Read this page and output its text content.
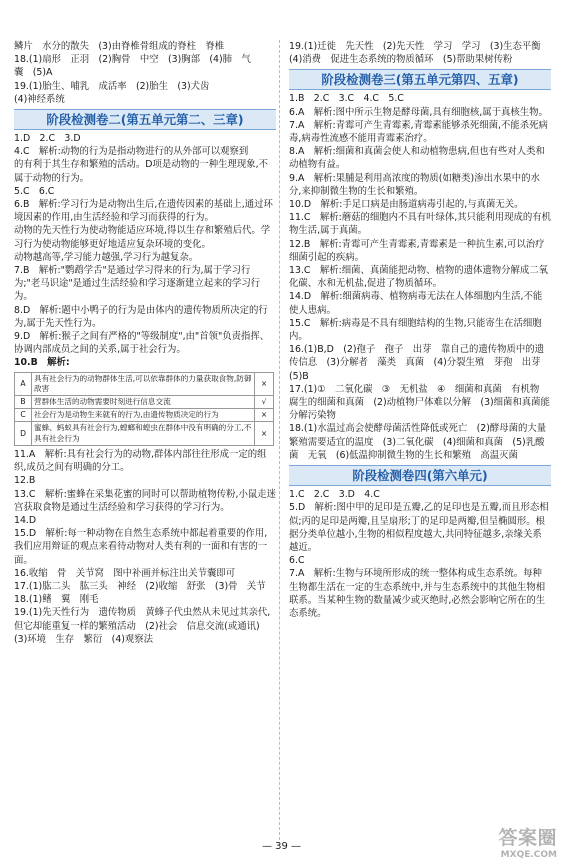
鳞片　水分的散失　(3)由脊椎骨组成的脊柱　脊椎

18.(1)扇形　正羽　(2)胸骨　中空　(3)胸部　(4)肺　气

囊　(5)A

19.(1)胎生、哺乳　成活率　(2)胎生　(3)犬齿

(4)神经系统

阶段检测卷二(第五单元第二、三章)

1.D　2.C　3.D

4.C　解析:动物的行为是指动物进行的从外部可以观察到

的有利于其生存和繁殖的活动。D项是动物的一种生理现象,不属于动物的行为。

5.C　6.C

6.B　解析:学习行为是动物出生后,在遗传因素的基础上,通过环境因素的作用,由生活经验和学习而获得的行为。

动物的先天性行为使动物能适应环境,得以生存和繁殖后代。学习行为使动物能够更好地适应复杂环境的变化。

动物越高等,学习能力越强,学习行为越复杂。

7.B　解析:"鹦鹉学舌"是通过学习得来的行为,属于学习行为;"老马识途"是通过生活经验和学习逐渐建立起来的学习行为。

8.D　解析:题中小鸭子的行为是由体内的遗传物质所决定的行为,属于先天性行为。

9.D　解析:猴子之间有严格的"等级制度",由"首领"负责指挥、协调内部成员之间的关系,属于社会行为。

10.B　解析:

A	具有社会行为的动物群体生活,可以依靠群体的力量获取食物,防御敌害	×
B	营群体生活的动物需要时刻进行信息交流	√
C	社会行为是动物生来就有的行为,由遗传物质决定的行为	×
D	蜜蜂、蚂蚁具有社会行为,螳螂和蝗虫在群体中没有明确的分工,不具有社会行为	×

11.A　解析:具有社会行为的动物,群体内部往往形成一定的组织,成员之间有明确的分工。

12.B

13.C　解析:蜜蜂在采集花蜜的同时可以帮助植物传粉,小鼠走迷宫获取食物是通过生活经验和学习获得的学习行为。

14.D

15.D　解析:每一种动物在自然生态系统中都起着重要的作用,我们应用辩证的观点来看待动物对人类有利的一面和有害的一面。

16.收缩　骨　关节窝　图中补画并标注出关节囊即可

17.(1)肱二头　肱三头　神经　(2)收缩　舒张　(3)骨　关节

18.(1)鳍　翼　刚毛

19.(1)先天性行为　遗传物质　黄蜂子代虫然从未见过其亲代,但它却能重复一样的繁殖活动　(2)社会　信息交流(或通讯)　(3)环境　生存　繁衍　(4)观察法

19.(1)迁徙　先天性　(2)先天性　学习　学习　(3)生态平衡　(4)消费　促进生态系统的物质循环　(5)帮助果树传粉

阶段检测卷三(第五单元第四、五章)

1.B　2.C　3.C　4.C　5.C

6.A　解析:图中所示生物是酵母菌,具有细胞核,属于真核生物。

7.A　解析:青霉可产生青霉素,青霉素能够杀死细菌,不能杀死病毒,病毒性流感不能用青霉素治疗。

8.A　解析:细菌和真菌会使人和动植物患病,但也有些对人类和动植物有益。

9.A　解析:果脯是利用高浓度的物质(如糖类)渗出水果中的水分,来抑制微生物的生长和繁殖。

10.D　解析:手足口病是由肠道病毒引起的,与真菌无关。

11.C　解析:蘑菇的细胞内不具有叶绿体,其只能利用现成的有机物生活,属于真菌。

12.B　解析:青霉可产生青霉素,青霉素是一种抗生素,可以治疗细菌引起的疾病。

13.C　解析:细菌、真菌能把动物、植物的遗体遗物分解成二氧化碳、水和无机盐,促进了物质循环。

14.D　解析:细菌病毒、植物病毒无法在人体细胞内生活,不能使人患病。

15.C　解析:病毒是不具有细胞结构的生物,只能寄生在活细胞内。

16.(1)B,D　(2)孢子　孢子　出芽　靠自己的遗传物质中的遗传信息　(3)分解者　藻类　真菌　(4)分裂生殖　芽孢　出芽　(5)B

17.(1)①　二氧化碳　③　无机盐　④　细菌和真菌　有机物　腐生的细菌和真菌　(2)动植物尸体难以分解　(3)细菌和真菌能分解污染物

18.(1)水温过高会使酵母菌活性降低或死亡　(2)酵母菌的大量繁殖需要适宜的温度　(3)二氧化碳　(4)细菌和真菌　(5)乳酸菌　无氧　(6)低温抑制微生物的生长和繁殖　高温灭菌

阶段检测卷四(第六单元)

1.C　2.C　3.D　4.C

5.D　解析:图中甲的足印是五瓣,乙的足印也是五瓣,而且形态相似;丙的足印是两瓣,且呈扇形;丁的足印是两瓣,但呈椭圆形。根据分类单位越小,生物的相似程度越大,共同特征越多,亲缘关系越近。

6.C

7.A　解析:生物与环境所形成的统一整体构成生态系统。每种生物都生活在一定的生态系统中,并与生态系统中的其他生物相联系。当某种生物的数量减少或灭绝时,必然会影响它所在的生态系统。

— 39 —	答案圈
MXQE.COM
